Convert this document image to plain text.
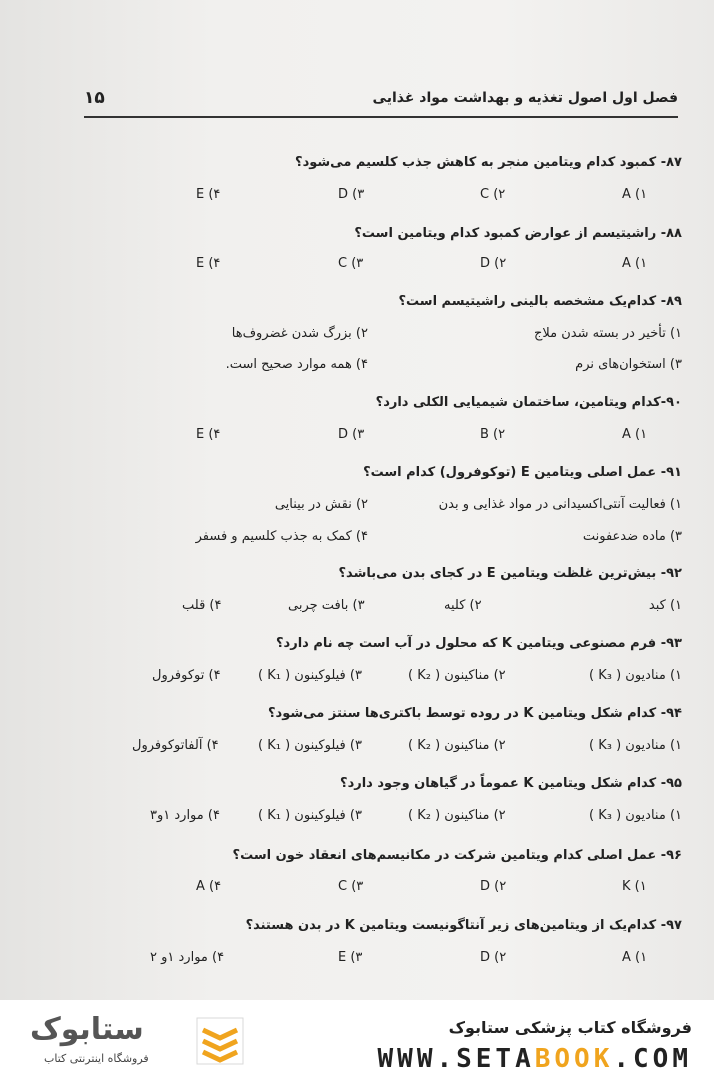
فصل اول اصول تغذیه و بهداشت مواد غذایی
۱۵
۸۷- کمبود کدام ویتامین منجر به کاهش جذب کلسیم می‌شود؟
A (۱
C (۲
D (۳
E (۴
۸۸- راشیتیسم از عوارض کمبود کدام ویتامین است؟
A (۱
D (۲
C (۳
E (۴
۸۹- کدام‌یک مشخصه بالینی راشیتیسم است؟
۱) تأخیر در بسته شدن ملاج
۲) بزرگ شدن غضروف‌ها
۳) استخوان‌های نرم
۴) همه موارد صحیح است.
۹۰-کدام ویتامین، ساختمان شیمیایی الکلی دارد؟
A (۱
B (۲
D (۳
E (۴
۹۱- عمل اصلی ویتامین E (توکوفرول) کدام است؟
۱) فعالیت آنتی‌اکسیدانی در مواد غذایی و بدن
۲) نقش در بینایی
۳) ماده ضدعفونت
۴) کمک به جذب کلسیم و فسفر
۹۲- بیش‌ترین غلظت ویتامین E در کجای بدن می‌باشد؟
۱) کبد
۲) کلیه
۳) بافت چربی
۴) قلب
۹۳- فرم مصنوعی ویتامین K که محلول در آب است چه نام دارد؟
۱) منادیون ( K₃ )
۲) مناکینون ( K₂ )
۳) فیلوکینون ( K₁ )
۴) توکوفرول
۹۴- کدام شکل ویتامین K در روده توسط باکتری‌ها سنتز می‌شود؟
۱) منادیون ( K₃ )
۲) مناکینون ( K₂ )
۳) فیلوکینون ( K₁ )
۴) آلفاتوکوفرول
۹۵- کدام شکل ویتامین K عموماً در گیاهان وجود دارد؟
۱) منادیون ( K₃ )
۲) مناکینون ( K₂ )
۳) فیلوکینون ( K₁ )
۴) موارد ۱و۳
۹۶- عمل اصلی کدام ویتامین شرکت در مکانیسم‌های انعقاد خون است؟
K (۱
D (۲
C (۳
A (۴
۹۷- کدام‌یک از ویتامین‌های زیر آنتاگونیست ویتامین K در بدن هستند؟
A (۱
D (۲
E (۳
۴) موارد ۱و ۲
ستابوک
فروشگاه اینترنتی کتاب
فروشگاه کتاب پزشکی ستابوک
WWW.SETABOOK.COM
